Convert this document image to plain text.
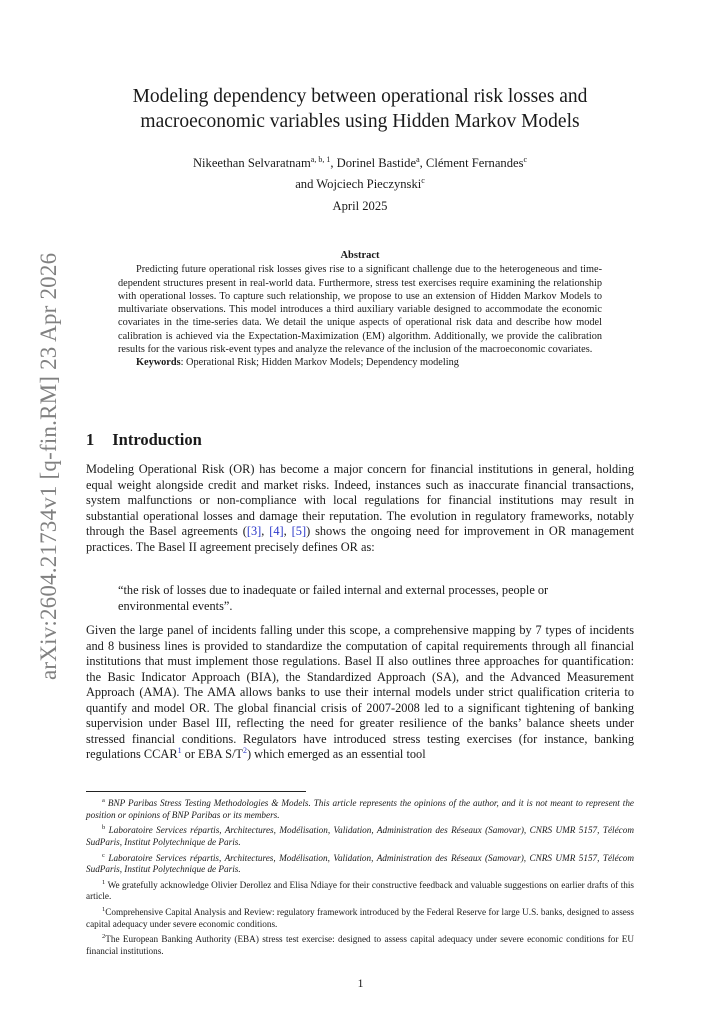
arXiv:2604.21734v1 [q-fin.RM] 23 Apr 2026
Modeling dependency between operational risk losses and
macroeconomic variables using Hidden Markov Models
Nikeethan Selvaratnam$^{a, b, 1}$, Dorinel Bastide$^a$, Clément Fernandes$^c$
and Wojciech Pieczynski$^c$
April 2025
Abstract

Predicting future operational risk losses gives rise to a significant challenge due to the heterogeneous and time-dependent structures present in real-world data. Furthermore, stress test exercises require examining the relationship with operational losses. To capture such relationship, we propose to use an extension of Hidden Markov Models to multivariate observations. This model introduces a third auxiliary variable designed to accommodate the economic covariates in the time-series data. We detail the unique aspects of operational risk data and describe how model calibration is achieved via the Expectation-Maximization (EM) algorithm. Additionally, we provide the calibration results for the various risk-event types and analyze the relevance of the inclusion of the macroeconomic covariates.

Keywords: Operational Risk; Hidden Markov Models; Dependency modeling

1 Introduction

Modeling Operational Risk (OR) has become a major concern for financial institutions in general, holding equal weight alongside credit and market risks. Indeed, instances such as inaccurate financial transactions, system malfunctions or non-compliance with local regulations for financial institutions may result in substantial operational losses and damage their reputation. The evolution in regulatory frameworks, notably through the Basel agreements ([3], [4], [5]) shows the ongoing need for improvement in OR management practices. The Basel II agreement precisely defines OR as:

“the risk of losses due to inadequate or failed internal and external processes, people or environmental events”.

Given the large panel of incidents falling under this scope, a comprehensive mapping by 7 types of incidents and 8 business lines is provided to standardize the computation of capital requirements through all financial institutions that must implement those regulations. Basel II also outlines three approaches for quantification: the Basic Indicator Approach (BIA), the Standardized Approach (SA), and the Advanced Measurement Approach (AMA). The AMA allows banks to use their internal models under strict qualification criteria to quantify and model OR. The global financial crisis of 2007-2008 led to a significant tightening of banking supervision under Basel III, reflecting the need for greater resilience of the banks’ balance sheets under stressed financial conditions. Regulators have introduced stress testing exercises (for instance, banking regulations CCAR$^1$ or EBA $S/T^2$) which emerged as an essential tool

$^a$ BNP Paribas Stress Testing Methodologies & Models. This article represents the opinions of the author, and it is not meant to represent the position or opinions of BNP Paribas or its members.

$^b$ Laboratoire Services répartis, Architectures, Modélisation, Validation, Administration des Réseaux (Samovar), CNRS UMR 5157, Télécom SudParis, Institut Polytechnique de Paris.

$^c$ Laboratoire Services répartis, Architectures, Modélisation, Validation, Administration des Réseaux (Samovar), CNRS UMR 5157, Télécom SudParis, Institut Polytechnique de Paris.

$^1$ We gratefully acknowledge Olivier Derollez and Elisa Ndiaye for their constructive feedback and valuable suggestions on earlier drafts of this article.

$^1$Comprehensive Capital Analysis and Review: regulatory framework introduced by the Federal Reserve for large U.S. banks, designed to assess capital adequacy under severe economic conditions.

$^2$The European Banking Authority (EBA) stress test exercise: designed to assess capital adequacy under severe economic conditions for EU financial institutions.

1
